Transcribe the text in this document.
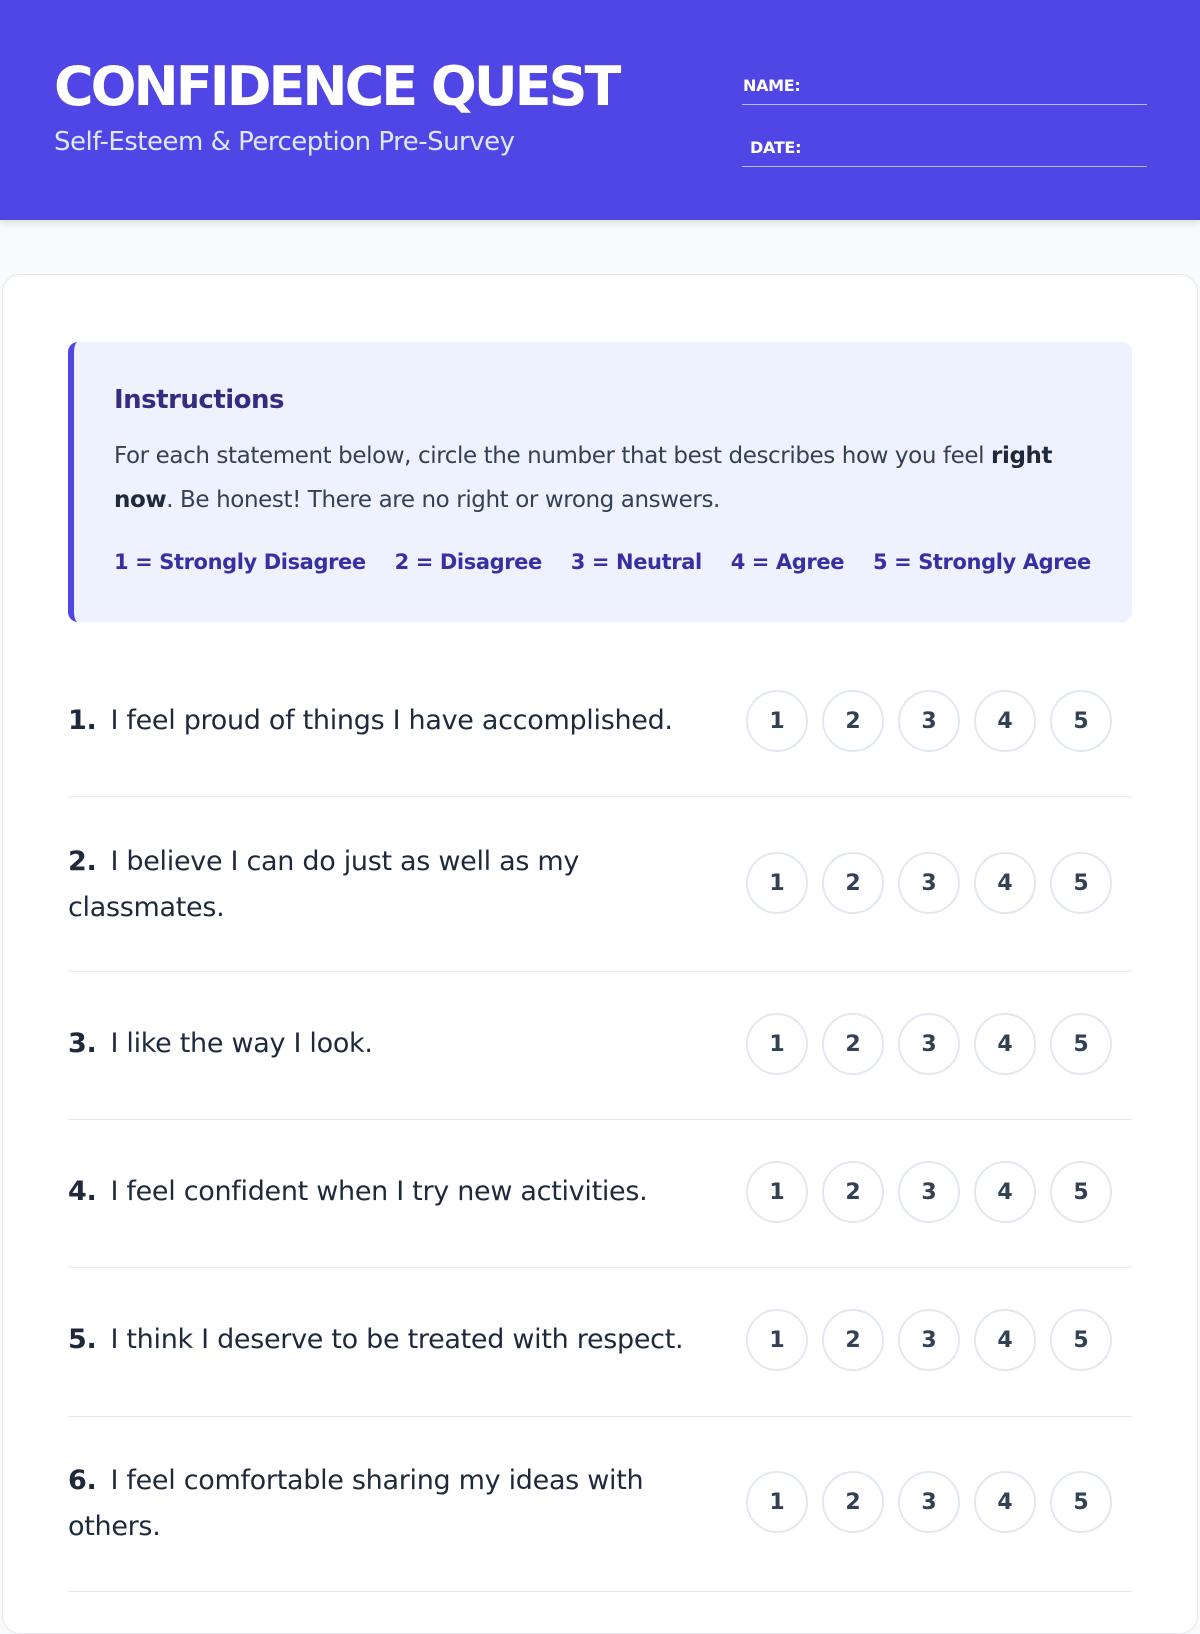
CONFIDENCE QUEST
Self-Esteem & Perception Pre-Survey
NAME:
DATE:
Instructions
For each statement below, circle the number that best describes how you feel right now. Be honest! There are no right or wrong answers.
1 = Strongly Disagree 2 = Disagree 3 = Neutral 4 = Agree 5 = Strongly Agree
1. I feel proud of things I have accomplished.	1	2	3	4	5
2. I believe I can do just as well as my classmates.
1	2	3	4	5
3. I like the way I look.	1	2	3	4	5
4. I feel confident when I try new activities.	1	2	3	4	5
5. I think I deserve to be treated with respect.	1	2	3	4	5
6. I feel comfortable sharing my ideas with others.
1	2	3	4	5
